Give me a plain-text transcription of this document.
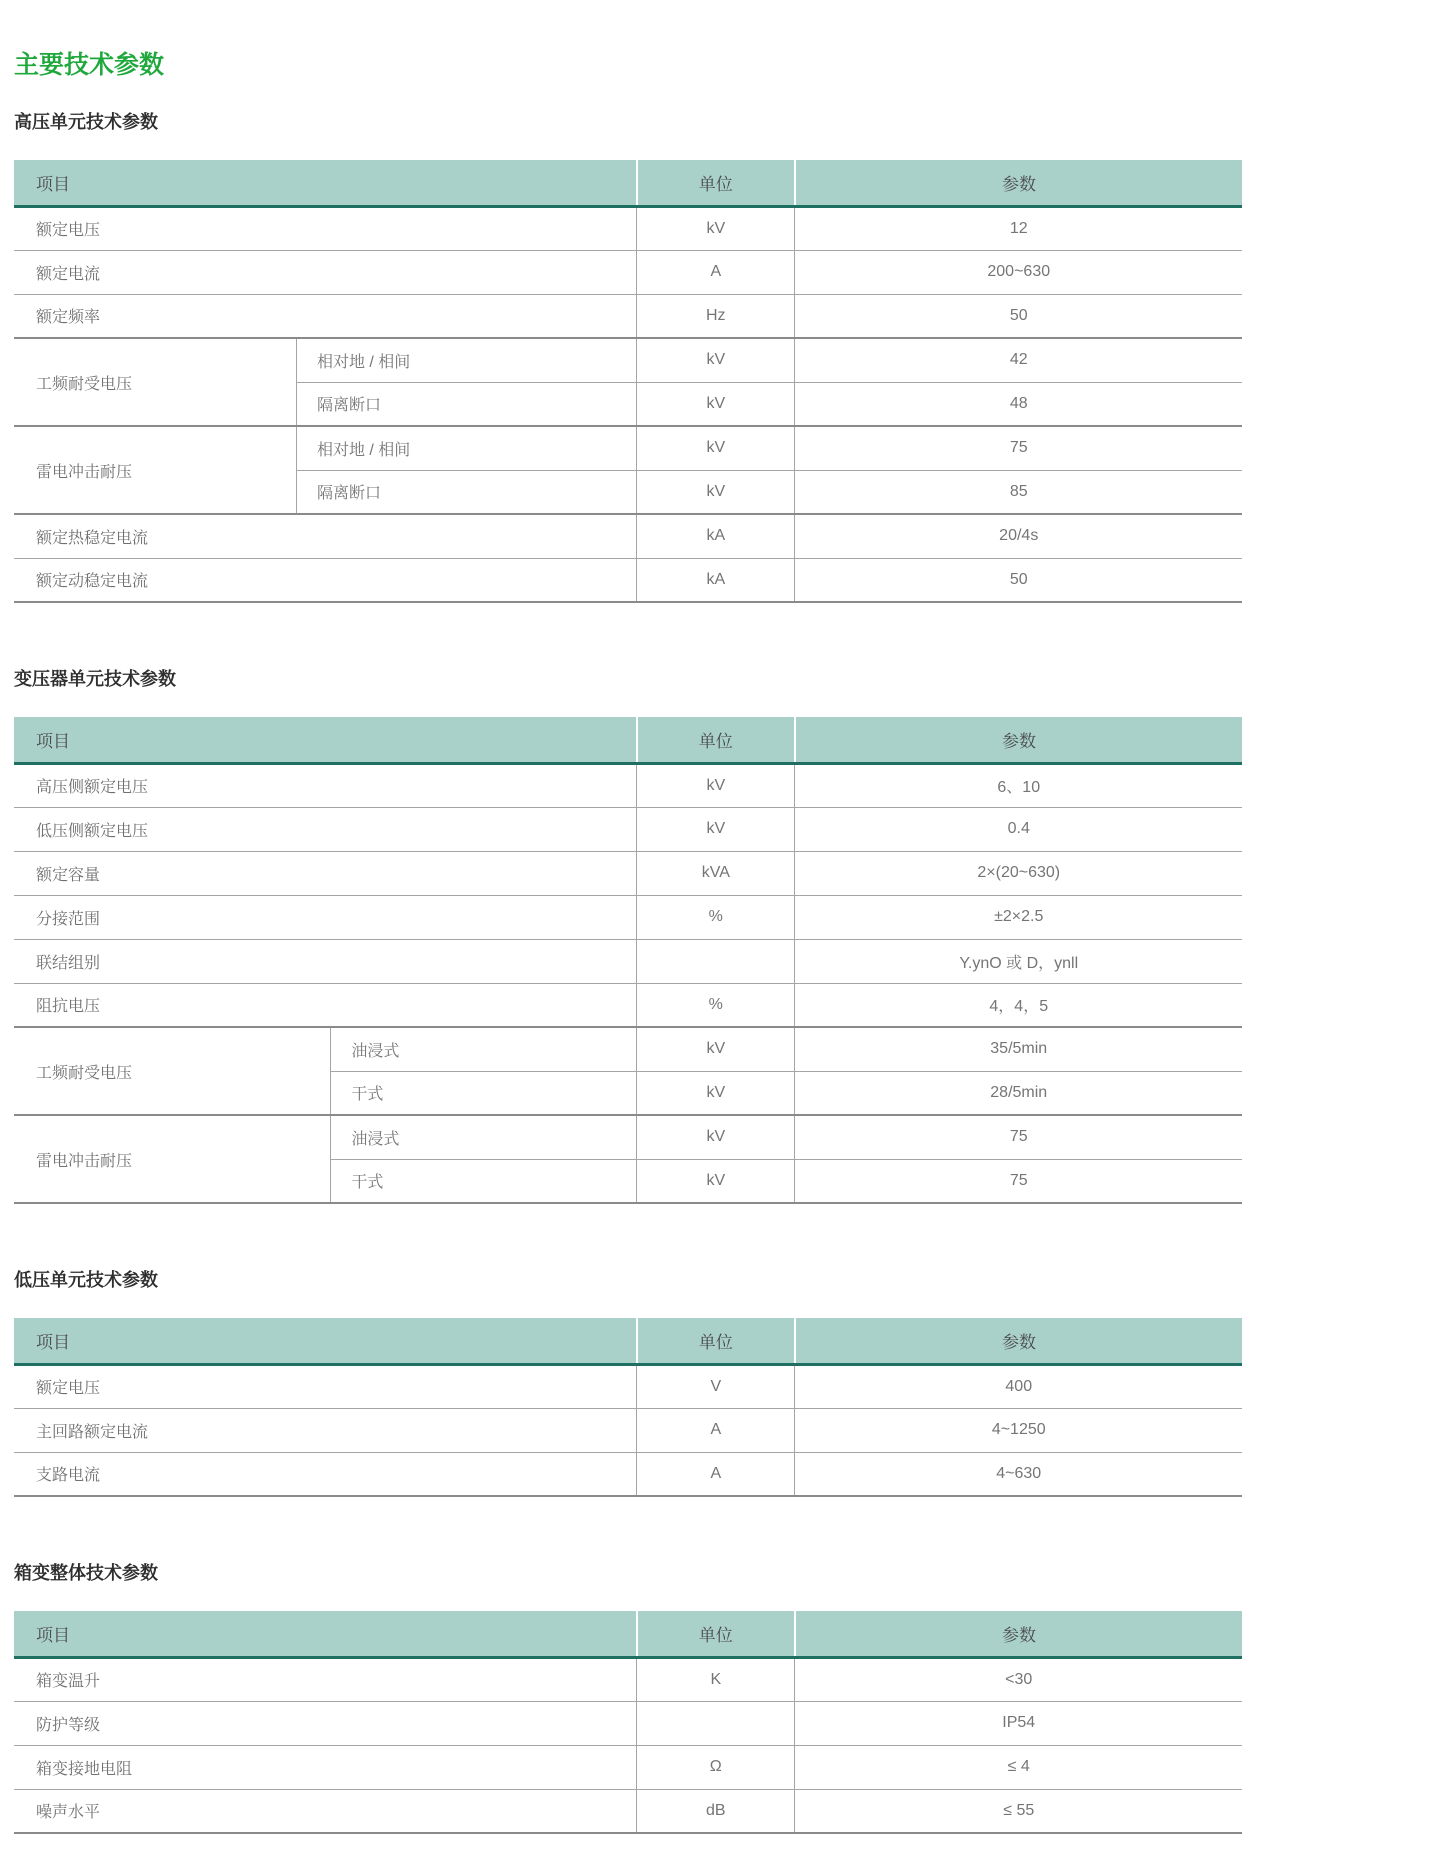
主要技术参数
高压单元技术参数
项目		单位	参数
额定电压		kV	12
额定电流		A	200~630
额定频率		Hz	50
工频耐受电压	相对地 / 相间	kV	42
	隔离断口	kV	48
雷电冲击耐压	相对地 / 相间	kV	75
	隔离断口	kV	85
额定热稳定电流		kA	20/4s
额定动稳定电流		kA	50
变压器单元技术参数
项目		单位	参数
高压侧额定电压		kV	6、10
低压侧额定电压		kV	0.4
额定容量		kVA	2×(20~630)
分接范围		%	±2×2.5
联结组别			Y.ynO 或 D，ynll
阻抗电压		%	4，4，5
工频耐受电压	油浸式	kV	35/5min
	干式	kV	28/5min
雷电冲击耐压	油浸式	kV	75
	干式	kV	75
低压单元技术参数
项目	单位	参数
额定电压	V	400
主回路额定电流	A	4~1250
支路电流	A	4~630
箱变整体技术参数
项目	单位	参数
箱变温升	K	<30
防护等级		IP54
箱变接地电阻	Ω	≤ 4
噪声水平	dB	≤ 55
